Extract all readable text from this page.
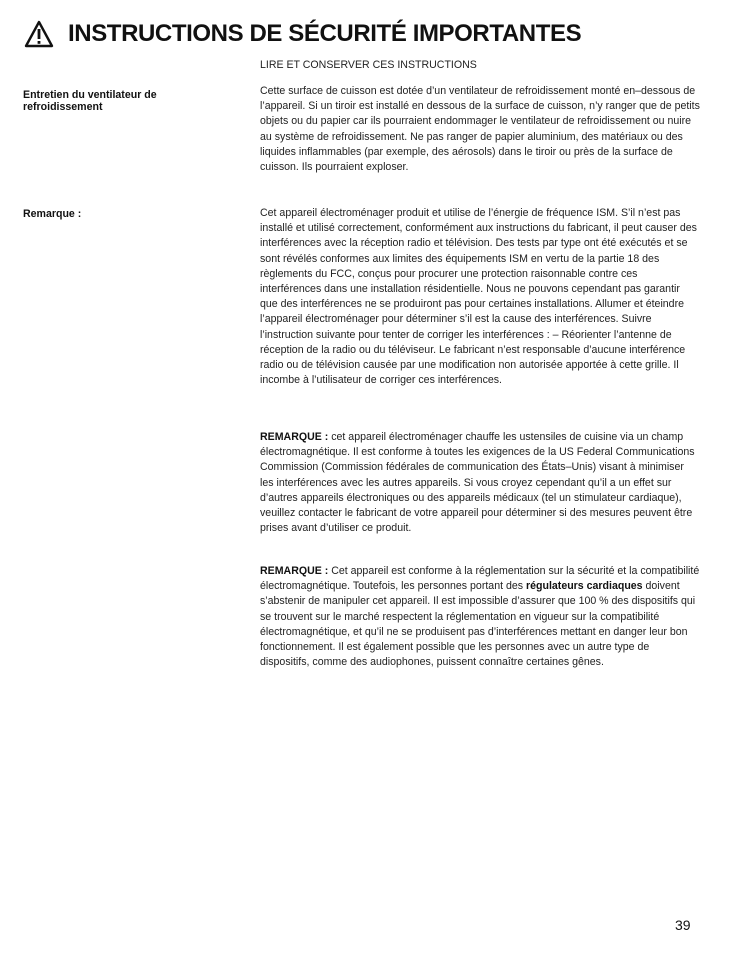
INSTRUCTIONS DE SÉCURITÉ IMPORTANTES
LIRE ET CONSERVER CES INSTRUCTIONS
Entretien du ventilateur de refroidissement

Cette surface de cuisson est dotée d’un ventilateur de refroidissement monté en–dessous de l’appareil. Si un tiroir est installé en dessous de la surface de cuisson, n’y ranger que de petits objets ou du papier car ils pourraient endommager le ventilateur de refroidissement ou nuire au système de refroidissement. Ne pas ranger de papier aluminium, des matériaux ou des liquides inflammables (par exemple, des aérosols) dans le tiroir ou près de la surface de cuisson. Ils pourraient exploser.

Remarque :	Cet appareil électroménager produit et utilise de l’énergie de fréquence ISM. S’il n’est pas installé et utilisé correctement, conformément aux instructions du fabricant, il peut causer des interférences avec la réception radio et télévision. Des tests par type ont été exécutés et se sont révélés conformes aux limites des équipements ISM en vertu de la partie 18 des règlements du FCC, conçus pour procurer une protection raisonnable contre ces interférences dans une installation résidentielle. Nous ne pouvons cependant pas garantir que des interférences ne se produiront pas pour certaines installations. Allumer et éteindre l’appareil électroménager pour déterminer s’il est la cause des interférences. Suivre l’instruction suivante pour tenter de corriger les interférences : – Réorienter l’antenne de réception de la radio ou du téléviseur. Le fabricant n’est responsable d’aucune interférence radio ou de télévision causée par une modification non autorisée apportée à cette grille. Il incombe à l’utilisateur de corriger ces interférences.

REMARQUE : cet appareil électroménager chauffe les ustensiles de cuisine via un champ électromagnétique. Il est conforme à toutes les exigences de la US Federal Communications Commission (Commission fédérales de communication des États–Unis) visant à minimiser les interférences avec les autres appareils. Si vous croyez cependant qu’il a un effet sur d’autres appareils électroniques ou des appareils médicaux (tel un stimulateur cardiaque), veuillez contacter le fabricant de votre appareil pour déterminer si des mesures peuvent être prises avant d’utiliser ce produit.

REMARQUE : Cet appareil est conforme à la réglementation sur la sécurité et la compatibilité électromagnétique. Toutefois, les personnes portant des régulateurs cardiaques doivent s’abstenir de manipuler cet appareil. Il est impossible d’assurer que 100 % des dispositifs qui se trouvent sur le marché respectent la réglementation en vigueur sur la compatibilité électromagnétique, et qu’il ne se produisent pas d’interférences mettant en danger leur bon fonctionnement. Il est également possible que les personnes avec un autre type de dispositifs, comme des audiophones, puissent connaître certaines gênes.

39
